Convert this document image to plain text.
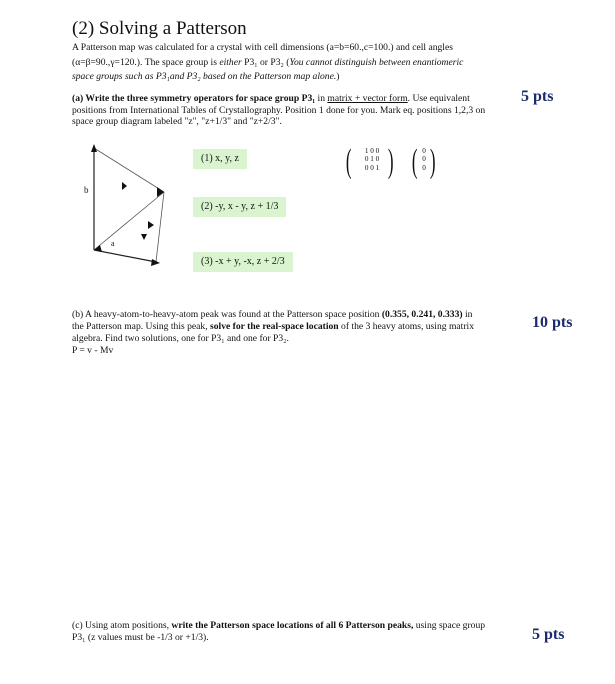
(2) Solving a Patterson
A Patterson map was calculated for a crystal with cell dimensions (a=b=60.,c=100.) and cell angles
(α=β=90.,γ=120.). The space group is either P3₁ or P3₂ (You cannot distinguish between enantiomeric
space groups such as P3₁and P3₂ based on the Patterson map alone.)
(a) Write the three symmetry operators for space group P3₁ in matrix + vector form. Use equivalent	5 pts
positions from International Tables of Crystallography. Position 1 done for you. Mark eq. positions 1,2,3 on
space group diagram labeled "z", "z+1/3" and "z+2/3".
b
a
(1) x, y, z
(2) -y, x - y, z + 1/3
(3) -x + y, -x, z + 2/3
(	1 0 0
0 1 0
0 0 1 ) ( 0
0
0 )
(b) A heavy-atom-to-heavy-atom peak was found at the Patterson space position (0.355, 0.241, 0.333) in
the Patterson map. Using this peak, solve for the real-space location of the 3 heavy atoms, using matrix
algebra. Find two solutions, one for P3₁ and one for P3₂.
P = v - Mv
10 pts
(c) Using atom positions, write the Patterson space locations of all 6 Patterson peaks, using space group
P3₁ (z values must be -1/3 or +1/3).	5 pts
